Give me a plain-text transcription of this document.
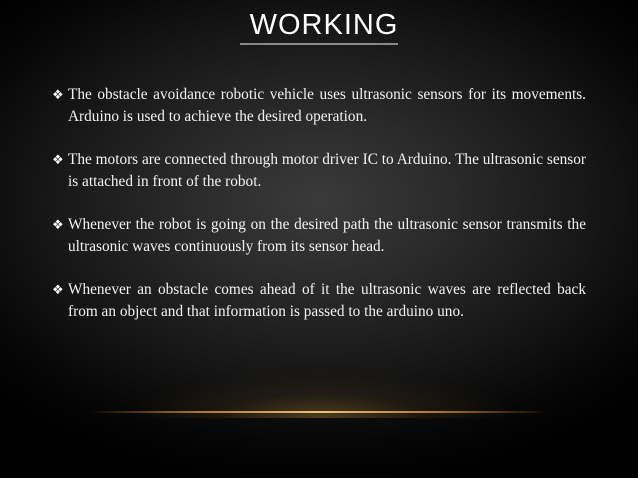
WORKING
❖ The obstacle avoidance robotic vehicle uses ultrasonic sensors for its movements. Arduino is used to achieve the desired operation.
❖ The motors are connected through motor driver IC to Arduino. The ultrasonic sensor is attached in front of the robot.
❖ Whenever the robot is going on the desired path the ultrasonic sensor transmits the ultrasonic waves continuously from its sensor head.
❖ Whenever an obstacle comes ahead of it the ultrasonic waves are reflected back from an object and that information is passed to the arduino uno.
